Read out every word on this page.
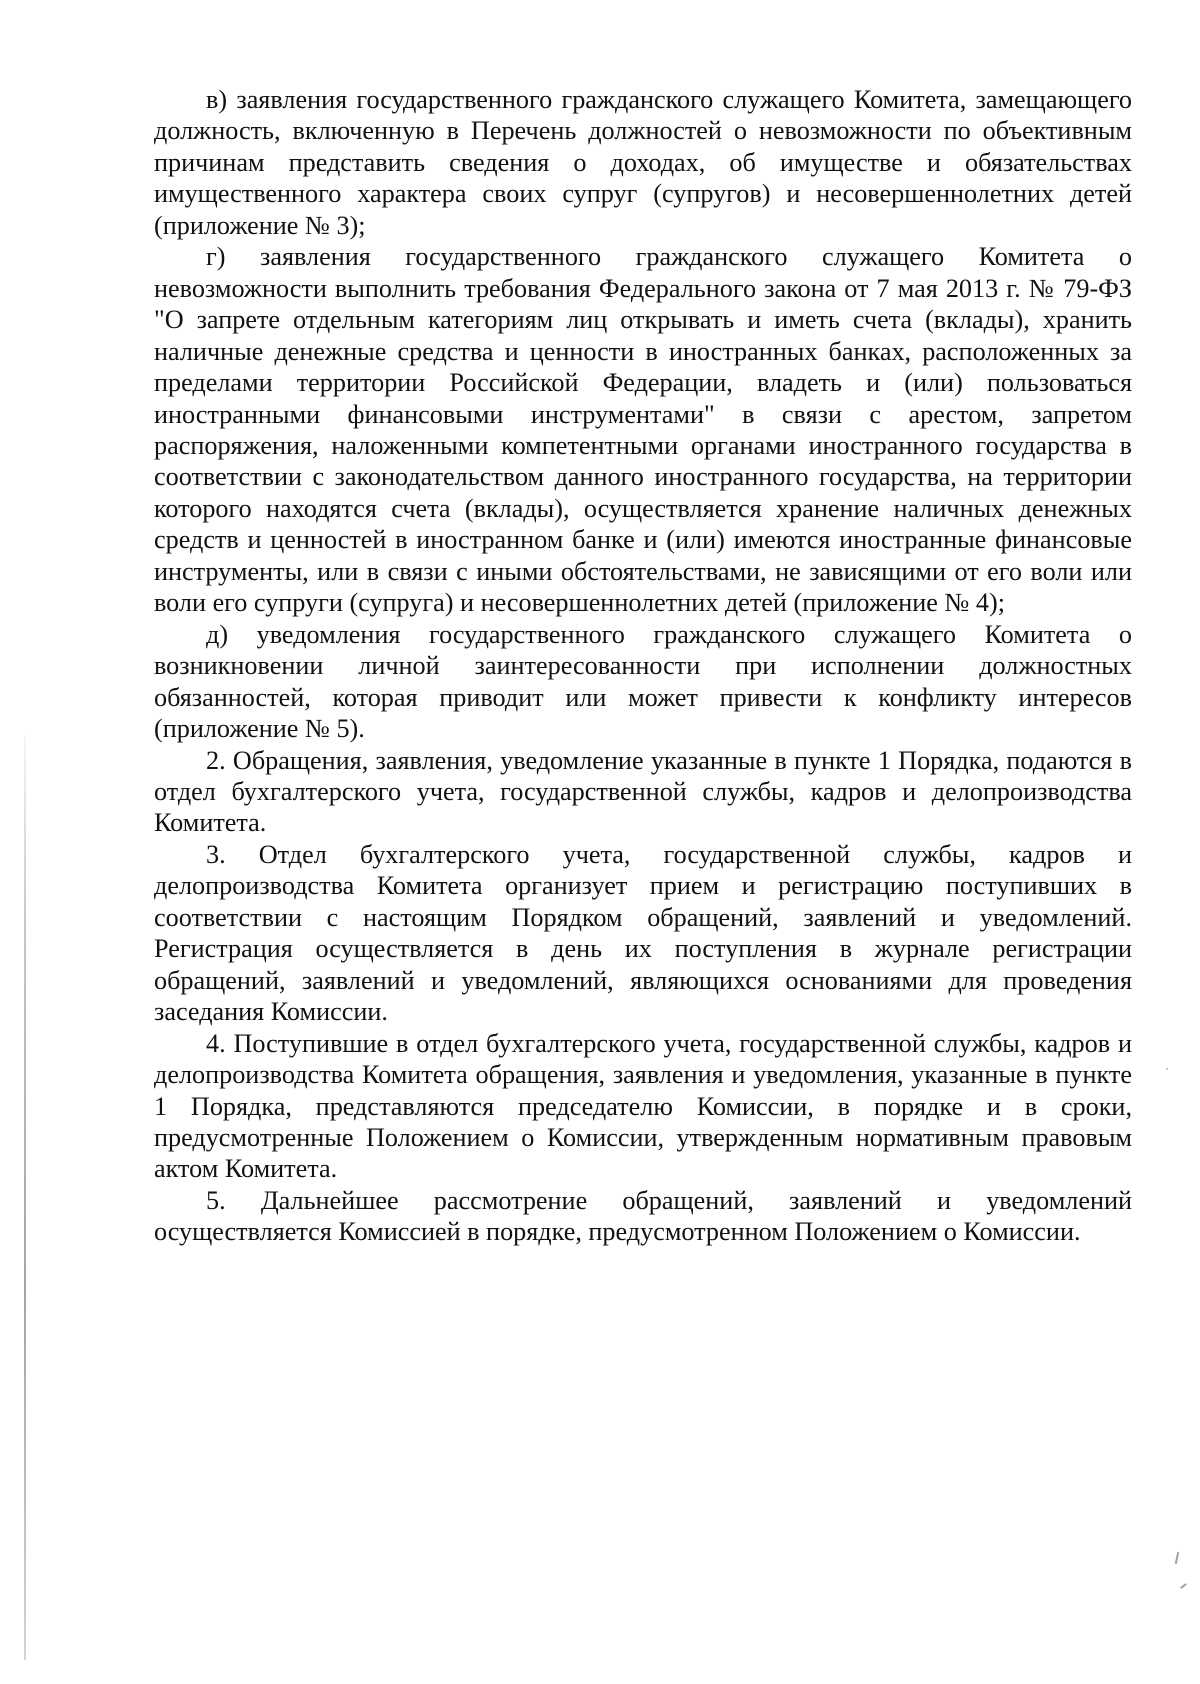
в) заявления государственного гражданского служащего Комитета, замещающего должность, включенную в Перечень должностей о невозможности по объективным причинам представить сведения о доходах, об имуществе и обязательствах имущественного характера своих супруг (супругов) и несовершеннолетних детей (приложение № 3);

г) заявления государственного гражданского служащего Комитета о невозможности выполнить требования Федерального закона от 7 мая 2013 г. № 79-ФЗ "О запрете отдельным категориям лиц открывать и иметь счета (вклады), хранить наличные денежные средства и ценности в иностранных банках, расположенных за пределами территории Российской Федерации, владеть и (или) пользоваться иностранными финансовыми инструментами" в связи с арестом, запретом распоряжения, наложенными компетентными органами иностранного государства в соответствии с законодательством данного иностранного государства, на территории которого находятся счета (вклады), осуществляется хранение наличных денежных средств и ценностей в иностранном банке и (или) имеются иностранные финансовые инструменты, или в связи с иными обстоятельствами, не зависящими от его воли или воли его супруги (супруга) и несовершеннолетних детей (приложение № 4);

д) уведомления государственного гражданского служащего Комитета о возникновении личной заинтересованности при исполнении должностных обязанностей, которая приводит или может привести к конфликту интересов (приложение № 5).

2. Обращения, заявления, уведомление указанные в пункте 1 Порядка, подаются в отдел бухгалтерского учета, государственной службы, кадров и делопроизводства Комитета.

3. Отдел бухгалтерского учета, государственной службы, кадров и делопроизводства Комитета организует прием и регистрацию поступивших в соответствии с настоящим Порядком обращений, заявлений и уведомлений. Регистрация осуществляется в день их поступления в журнале регистрации обращений, заявлений и уведомлений, являющихся основаниями для проведения заседания Комиссии.

4. Поступившие в отдел бухгалтерского учета, государственной службы, кадров и делопроизводства Комитета обращения, заявления и уведомления, указанные в пункте 1 Порядка, представляются председателю Комиссии, в порядке и в сроки, предусмотренные Положением о Комиссии, утвержденным нормативным правовым актом Комитета.

5. Дальнейшее рассмотрение обращений, заявлений и уведомлений осуществляется Комиссией в порядке, предусмотренном Положением о Комиссии.
